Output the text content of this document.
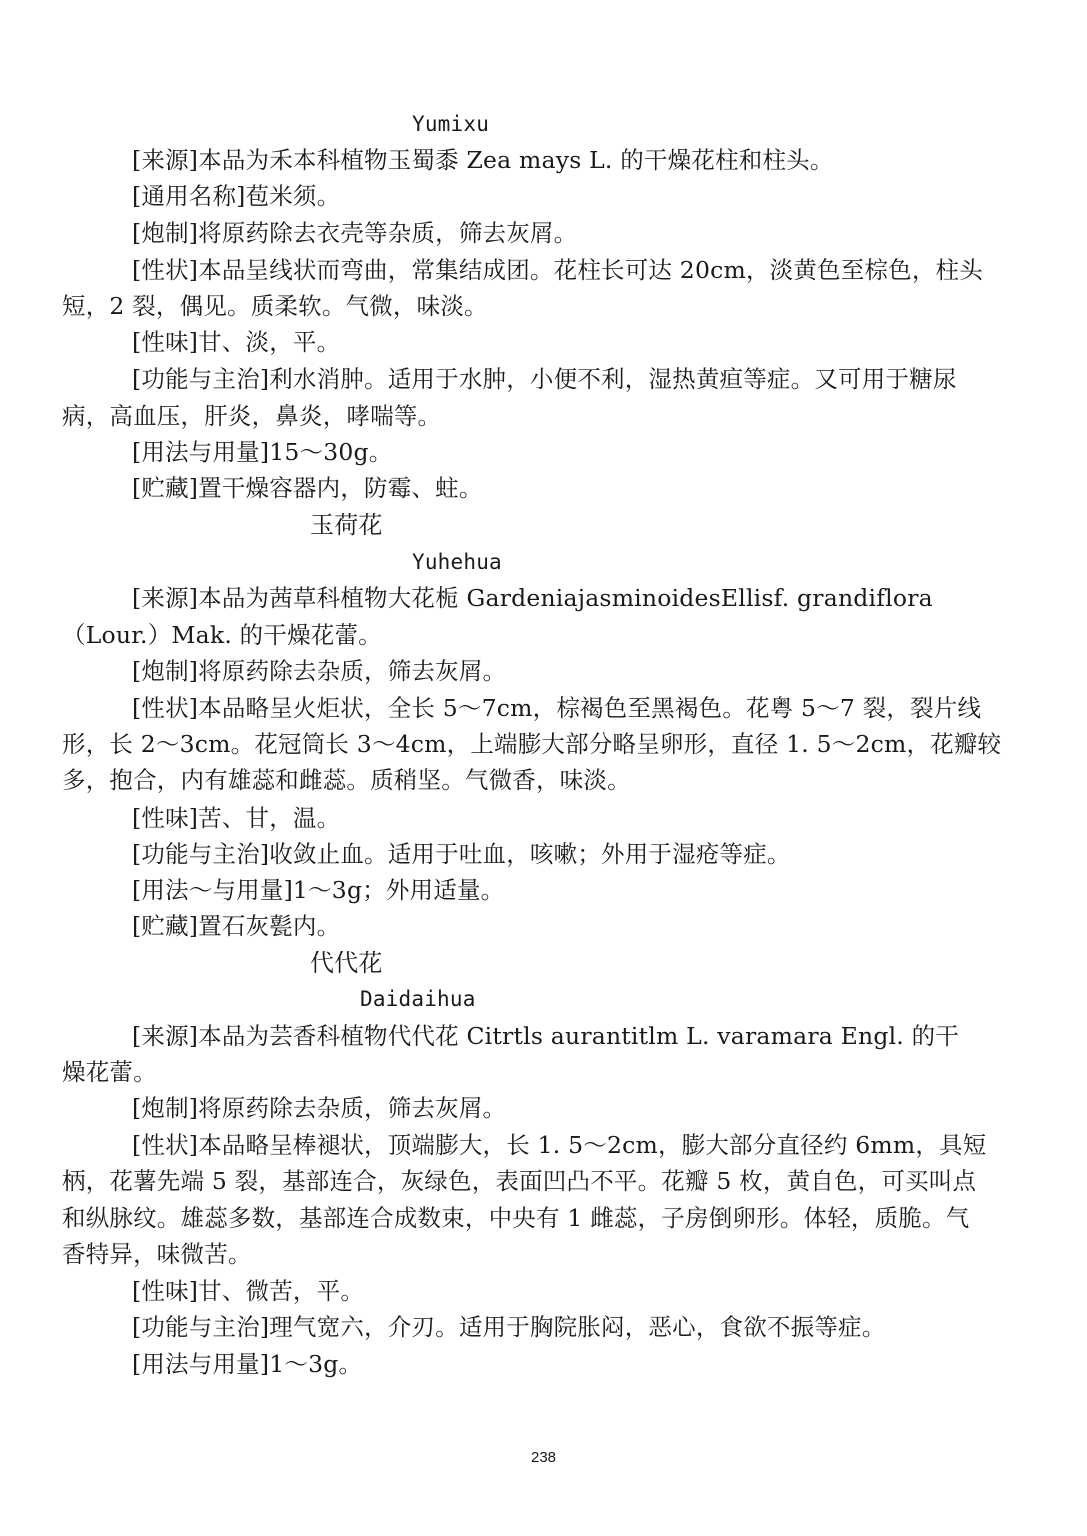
Yumixu
[来源]本品为禾本科植物玉蜀黍 Zea mays L. 的干燥花柱和柱头。
[通用名称]苞米须。
[炮制]将原药除去衣壳等杂质，筛去灰屑。
[性状]本品呈线状而弯曲，常集结成团。花柱长可达 20cm，淡黄色至棕色，柱头
短，2 裂，偶见。质柔软。气微，味淡。
[性味]甘、淡，平。
[功能与主治]利水消肿。适用于水肿，小便不利，湿热黄疸等症。又可用于糖尿
病，高血压，肝炎，鼻炎，哮喘等。
[用法与用量]15～30g。
[贮藏]置干燥容器内，防霉、蛀。
玉荷花
Yuhehua
[来源]本品为茜草科植物大花栀 GardeniajasminoidesEllisf. grandiflora
（Lour.）Mak. 的干燥花蕾。
[炮制]将原药除去杂质，筛去灰屑。
[性状]本品略呈火炬状，全长 5～7cm，棕褐色至黑褐色。花粤 5～7 裂，裂片线
形，长 2～3cm。花冠筒长 3～4cm，上端膨大部分略呈卵形，直径 1. 5～2cm，花瓣较
多，抱合，内有雄蕊和雌蕊。质稍坚。气微香，味淡。
[性味]苦、甘，温。
[功能与主治]收敛止血。适用于吐血，咳嗽；外用于湿疮等症。
[用法～与用量]1～3g；外用适量。
[贮藏]置石灰甏内。
代代花
Daidaihua
[来源]本品为芸香科植物代代花 Citrtls aurantitlm L. varamara Engl. 的干
燥花蕾。
[炮制]将原药除去杂质，筛去灰屑。
[性状]本品略呈棒褪状，顶端膨大，长 1. 5～2cm，膨大部分直径约 6mm，具短
柄，花薯先端 5 裂，基部连合，灰绿色，表面凹凸不平。花瓣 5 枚，黄自色，可买叫点
和纵脉纹。雄蕊多数，基部连合成数束，中央有 1 雌蕊，子房倒卵形。体轻，质脆。气
香特异，味微苦。
[性味]甘、微苦，平。
[功能与主治]理气宽六，介刃。适用于胸院胀闷，恶心，食欲不振等症。
[用法与用量]1～3g。
238
